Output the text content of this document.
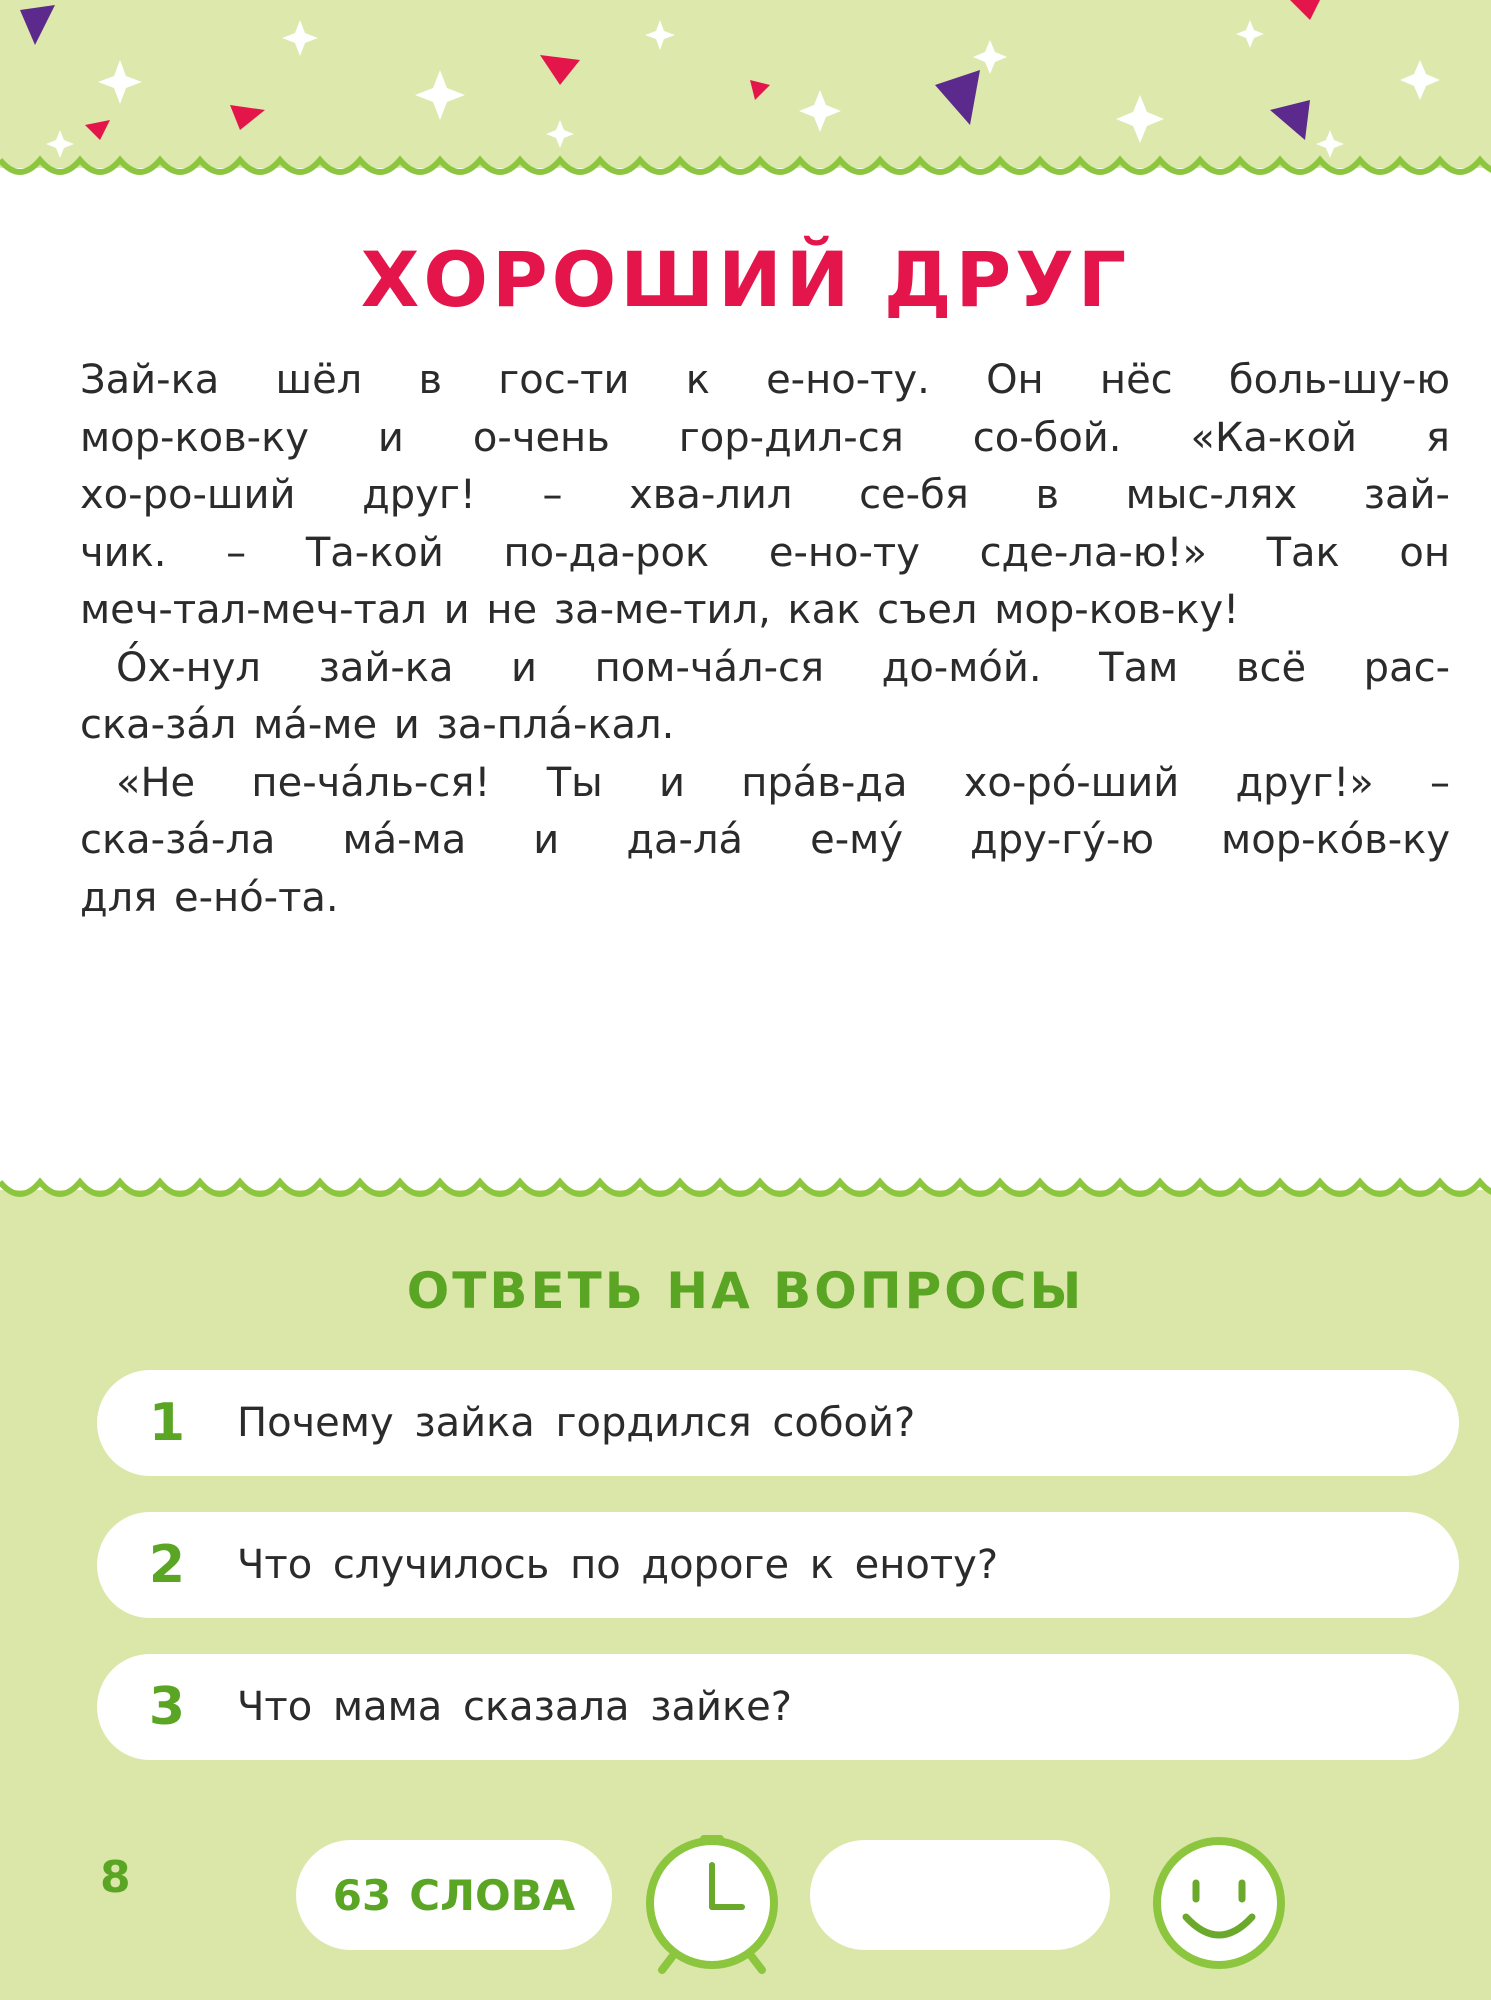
ХОРОШИЙ ДРУГ
Зай-ка шёл в гос-ти к е-но-ту. Он нёс боль-шу-ю
мор-ков-ку и о-чень гор-дил-ся со-бой. «Ка-кой я
хо-ро-ший друг! – хва-лил се-бя в мыс-лях зай-
чик. – Та-кой по-да-рок е-но-ту сде-ла-ю!» Так он
меч-тал-меч-тал и не за-ме-тил, как съел мор-ков-ку!
О́х-нул зай-ка и пом-ча́л-ся до-мо́й. Там всё рас-
ска-за́л ма́-ме и за-пла́-кал.
«Не пе-ча́ль-ся! Ты и пра́в-да хо-ро́-ший друг!» –
ска-за́-ла ма́-ма и да-ла́ е-му́ дру-гу́-ю мор-ко́в-ку
для е-но́-та.
ОТВЕТЬ НА ВОПРОСЫ
1	Почему зайка гордился собой?
2	Что случилось по дороге к еноту?
3	Что мама сказала зайке?
8	63 СЛОВА
